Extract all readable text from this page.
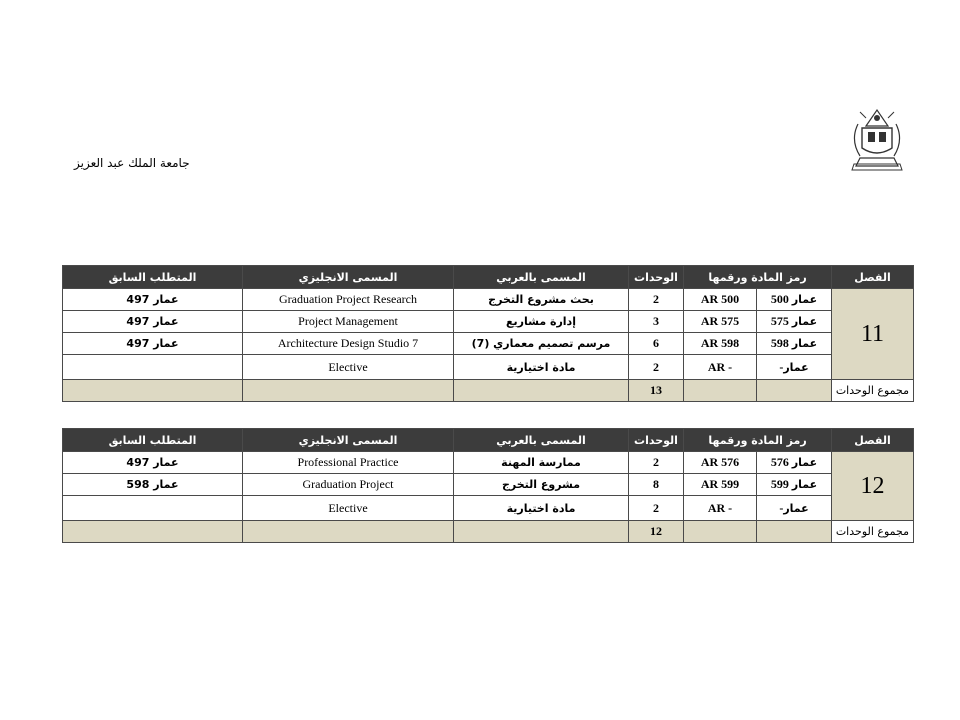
جامعة الملك عبد العزيز
المتطلب السابق	المسمى الانجليزي	المسمى بالعربي	الوحدات	رمز المادة ورقمها		الفصل
عمار 497	Graduation Project Research	بحث مشروع التخرج	2	AR 500	عمار 500	11
عمار 497	Project Management	إدارة مشاريع	3	AR 575	عمار 575	
عمار 497	Architecture Design Studio 7	مرسم تصميم معماري (7)	6	AR 598	عمار 598	
	Elective	مادة اختيارية	2	AR -	عمار-	
			13			مجموع الوحدات
المتطلب السابق	المسمى الانجليزي	المسمى بالعربي	الوحدات	رمز المادة ورقمها		الفصل
عمار 497	Professional Practice	ممارسة المهنة	2	AR 576	عمار 576	12
عمار 598	Graduation Project	مشروع التخرج	8	AR 599	عمار 599	
	Elective	مادة اختيارية	2	AR -	عمار-	
			12			مجموع الوحدات
